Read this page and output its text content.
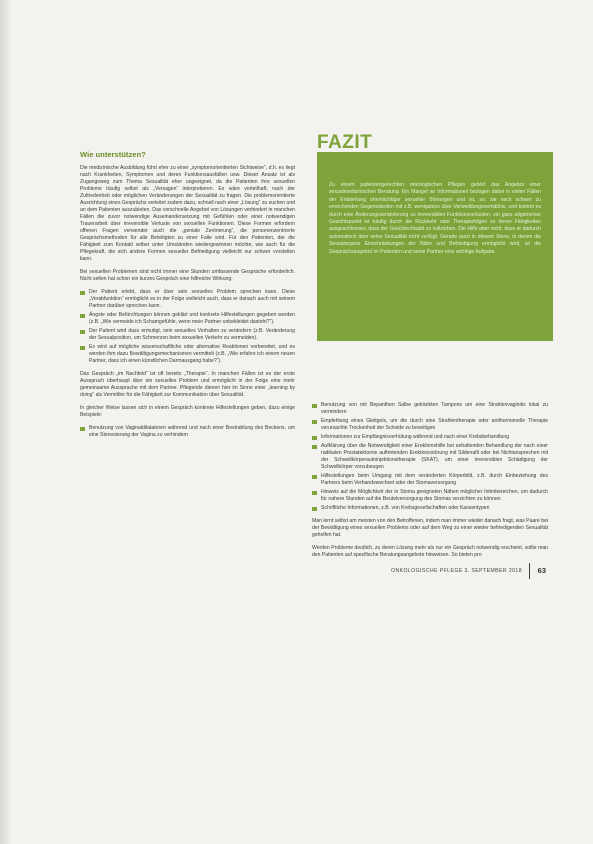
Wie unterstützen?

Die medizinische Ausbildung führt eher zu einer „symptomorientierten Sichtweise“, d.h. es liegt nach Krankheiten, Symptomen und deren Funktionsausfällen usw. Dieser Ansatz ist als Zugangsweg zum Thema Sexualität eher ungeeignet, da die Patienten ihre sexuellen Probleme häufig selbst als „Versagen“ interpretieren. Es wäre vorteilhaft, nach der Zufriedenheit oder möglichen Veränderungen der Sexualität zu fragen. Die problemorientierte Ausrichtung eines Gesprächs verleitet zudem dazu, schnell nach einer „Lösung“ zu suchen und an dem Patienten auszubieten. Das vorschnelle Angebot von Lösungen verhindert in manchen Fällen die zuvor notwendige Auseinandersetzung mit Gefühlen oder einer notwendigen Trauerarbeit über irreversible Verluste von sexuellen Funktionen. Diese Formen erfordern offenen Fragen verwendet auch die „geniale Zentrierung“, die personenzentrierte Gesprächsmethoden für alle Beteiligten zu einer Falle wird. Für den Patienten, der die Fähigkeit zum Kontakt selber unter Umständen wiedergewinnen möchte, wie auch für die Pflegekraft, die sich andere Formen sexueller Befriedigung vielleicht nur schwer vorstellen kann.

Bei sexuellen Problemen sind nicht immer eine Stunden umfassende Gespräche erforderlich. Nicht selten hat schon ein kurzes Gespräch eine hilfreiche Wirkung:

Der Patient erlebt, dass er über sein sexuelles Problem sprechen kann. Diese „Vorabfunktion“ ermöglicht es in der Folge vielleicht auch, dass er danach auch mit seinem Partner darüber sprechen kann.
Ängste oder Befürchtungen können geklärt und konkrete Hilfestellungen gegeben werden (z.B. „Wie vermeide ich Schamgefühle, wenn mein Partner unbekleidet dasteht?“).
Der Patient wird dazu ermutigt, sein sexuelles Verhalten zu verändern (z.B. Veränderung der Sexualposition, um Schmerzen beim sexuellen Verkehr zu vermeiden).
Es wird auf mögliche wissenschaftliche oder alternative Reaktionen vorbereitet, und es werden ihm dazu Bewältigungsmechanismen vermittelt (z.B. „Wie erfahre ich einem neuen Partner, dass ich einen künstlichen Darmausgang habe?“).

Das Gespräch „im Nachfeld“ ist oft bereits „Therapie“. In manchen Fällen ist es der erste Ausspruch überhaupt über ein sexuelles Problem und ermöglicht in der Folge eine mehr gemeinsame Aussprache mit dem Partner. Pflegende dienen hier im Sinne einer „learning by doing“ als Vermittler für die Fähigkeit zur Kommunikation über Sexualität.

In gleicher Weise lassen sich in einem Gespräch konkrete Hilfestellungen geben, dazu einige Beispiele:

Benutzung von Vaginaldilatatoren während und nach einer Bestrahlung des Beckens, um eine Stenosierung der Vagina zu verhindern

Zu einem patientengerechten onkologischen Pflegen gehört das Angebot einer sexualmedizinischen Beratung. Ein Mangel an Informationen bezogen dabei in vielen Fällen der Entstehung ohnmächtiger sexueller Störungen und ist, so, sie nach schwer zu erreichenden Gegenständen mit z.B. wenigstens über Verweildungsverhältnis, und kommt es durch eine Änderungsveränderung zu irreversiblen Funktionsverlusten, ein ganz allgemeiner Gesichtspunkt ist häufig durch die Rückkehr oder Therapiefolgen so deren Fähigkeiten ausgeschlossen, dass der Geschlechtsakt zu vollziehen. Die Hilfe aber nicht, dass er dadurch automatisch über seine Sexualität nicht verfügt. Gerade auch in diesem Sinne, in denen die Sexualorgane Einschränkungen der Nähe und Befriedigung ermöglicht wird, ist die Gesprächsangebot im Patienten und seine Partner eine wichtige Aufgabe.

FAZIT
Benutzung von mit Bepanthen Salbe getränkten Tampons um eine Strahlenvaginitis lokal zu vermindern
Empfehlung eines Gleitgels, um die durch eine Strahlentherapie oder antihormonelle Therapie verursachte Trockenheit der Scheide zu beseitigen
Informationen zur Empfängnisverhütung während und nach einer Krebsbehandlung
Aufklärung über die Notwendigkeit einer Erektionshilfe bei anhaltenden Behandlung der nach einer radikalen Prostatektomie auftretenden Erektionsstörung mit Sildenafil oder bei Nichtansprechen mit der Schwellkörperautoinjektionstherapie (SKAT), um einer irreversiblen Schädigung der Schwellkörper vorzubeugen
Hilfestellungen beim Umgang mit dem veränderten Körperbild, z.B. durch Einbeziehung des Partners beim Verbandswechsel oder der Stomaversorgung
Hinweis auf die Möglichkeit der in Stoma geeigneten Nähen möglicher Intimbereichen, um dadurch für nahere Stunden auf die Beutelversorgung des Stomas verzichten zu können
Schriftliche Informationen, z.B. von Krebsgesellschaften oder Kassentypen

Man lernt selbst am meisten von den Betroffenen, indem man immer wieder danach fragt, was Paare bei der Bewältigung eines sexuellen Problems oder auf dem Weg zu einer wieder befriedigenden Sexualität geholfen hat.

Werden Probleme deutlich, zu deren Lösung mehr als nur ein Gespräch notwendig erscheint, sollte man den Patienten auf spezifische Beratungsangebote hinweisen. So bieten pro

ONKOLOGISCHE PFLEGE 3. SEPTEMBER 2018 63
